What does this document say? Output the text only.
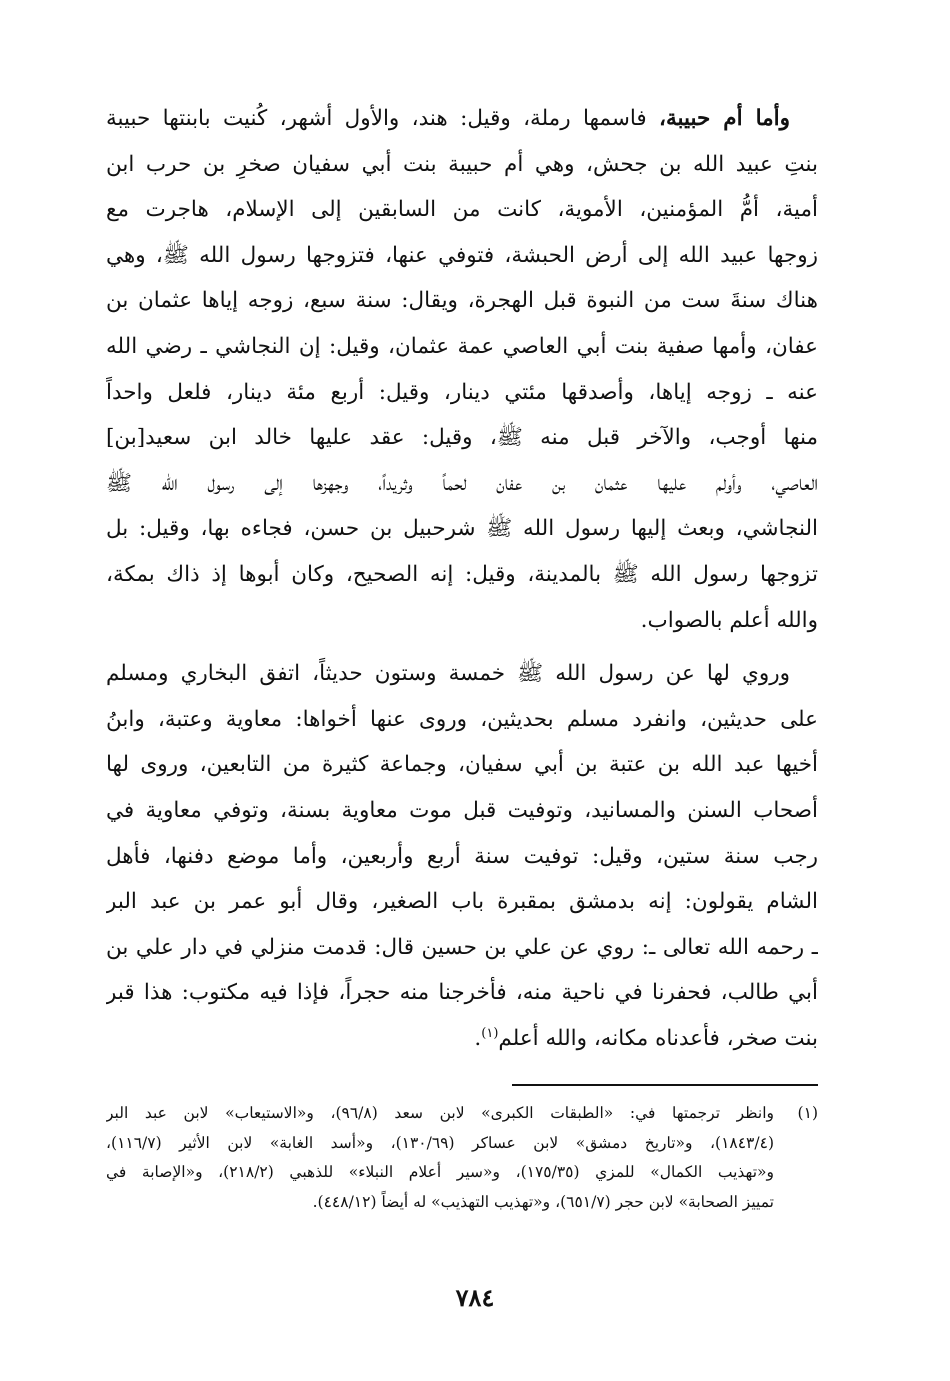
وأما أم حبيبة، فاسمها رملة، وقيل: هند، والأول أشهر، كُنيت بابنتها حبيبة
بنتِ عبيد الله بن جحش، وهي أم حبيبة بنت أبي سفيان صخرِ بن حرب ابن
أمية، أمُّ المؤمنين، الأموية، كانت من السابقين إلى الإسلام، هاجرت مع
زوجها عبيد الله إلى أرض الحبشة، فتوفي عنها، فتزوجها رسول الله ﷺ، وهي
هناك سنةَ ست من النبوة قبل الهجرة، ويقال: سنة سبع، زوجه إياها عثمان بن
عفان، وأمها صفية بنت أبي العاصي عمة عثمان، وقيل: إن النجاشي ـ رضي الله
عنه ـ زوجه إياها، وأصدقها مئتي دينار، وقيل: أربع مئة دينار، فلعل واحداً
منها أوجب، والآخر قبل منه ﷺ، وقيل: عقد عليها خالد ابن سعيد[بن]
العاصي، وأولم عليها عثمان بن عفان لحماً وثريداً، وجهزها إلى رسول الله ﷺ
النجاشي، وبعث إليها رسول الله ﷺ شرحبيل بن حسن، فجاءه بها، وقيل: بل
تزوجها رسول الله ﷺ بالمدينة، وقيل: إنه الصحيح، وكان أبوها إذ ذاك بمكة،
والله أعلم بالصواب.
وروي لها عن رسول الله ﷺ خمسة وستون حديثاً، اتفق البخاري ومسلم
على حديثين، وانفرد مسلم بحديثين، وروى عنها أخواها: معاوية وعتبة، وابنُ
أخيها عبد الله بن عتبة بن أبي سفيان، وجماعة كثيرة من التابعين، وروى لها
أصحاب السنن والمسانيد، وتوفيت قبل موت معاوية بسنة، وتوفي معاوية في
رجب سنة ستين، وقيل: توفيت سنة أربع وأربعين، وأما موضع دفنها، فأهل
الشام يقولون: إنه بدمشق بمقبرة باب الصغير، وقال أبو عمر بن عبد البر
ـ رحمه الله تعالى ـ: روي عن علي بن حسين قال: قدمت منزلي في دار علي بن
أبي طالب، فحفرنا في ناحية منه، فأخرجنا منه حجراً، فإذا فيه مكتوب: هذا قبر
بنت صخر، فأعدناه مكانه، والله أعلم$^{(١)}$.
(١)
وانظر ترجمتها في: «الطبقات الكبرى» لابن سعد (٩٦/٨)، و«الاستيعاب» لابن عبد البر
(١٨٤٣/٤)، و«تاريخ دمشق» لابن عساكر (١٣٠/٦٩)، و«أسد الغابة» لابن الأثير (١١٦/٧)،
و«تهذيب الكمال» للمزي (١٧٥/٣٥)، و«سير أعلام النبلاء» للذهبي (٢١٨/٢)، و«الإصابة في
تمييز الصحابة» لابن حجر (٦٥١/٧)، و«تهذيب التهذيب» له أيضاً (٤٤٨/١٢).
٧٨٤
